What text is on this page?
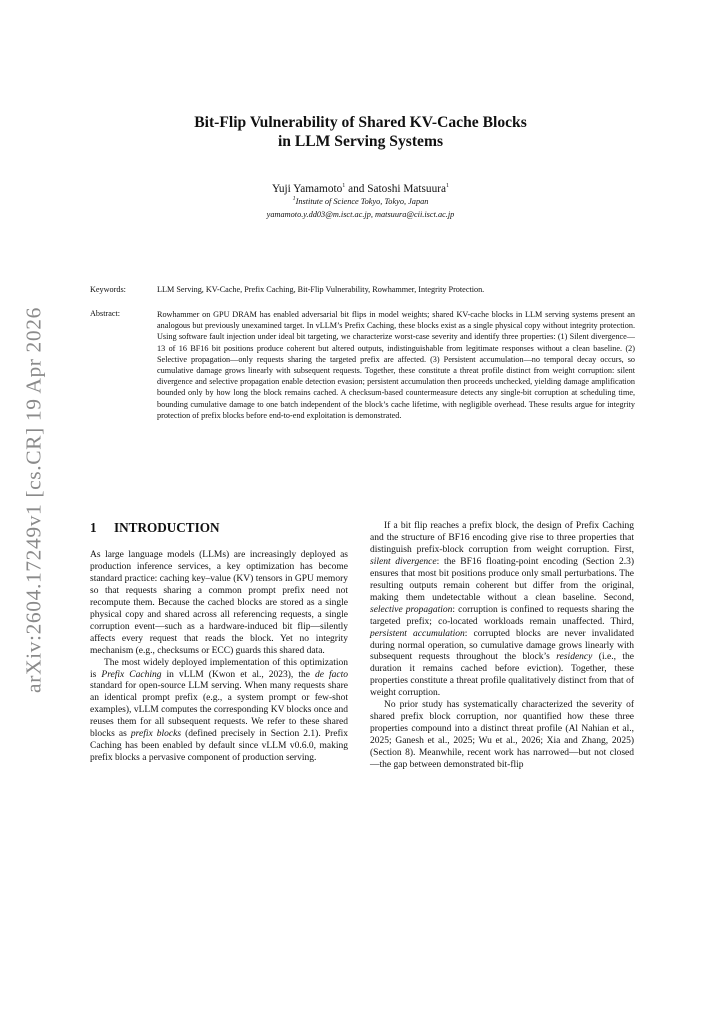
arXiv:2604.17249v1 [cs.CR] 19 Apr 2026
Bit-Flip Vulnerability of Shared KV-Cache Blocks
in LLM Serving Systems
Yuji Yamamoto$^1$ and Satoshi Matsuura$^1$
$^1$Institute of Science Tokyo, Tokyo, Japan
yamamoto.y.dd03@m.isct.ac.jp, matsuura@cii.isct.ac.jp
Keywords:	LLM Serving, KV-Cache, Prefix Caching, Bit-Flip Vulnerability, Rowhammer, Integrity Protection.
Abstract:	Rowhammer on GPU DRAM has enabled adversarial bit flips in model weights; shared KV-cache blocks in LLM serving systems present an analogous but previously unexamined target. In vLLM’s Prefix Caching, these blocks exist as a single physical copy without integrity protection. Using software fault injection under ideal bit targeting, we characterize worst-case severity and identify three properties: (1) Silent divergence—13 of 16 BF16 bit positions produce coherent but altered outputs, indistinguishable from legitimate responses without a clean baseline. (2) Selective propagation—only requests sharing the targeted prefix are affected. (3) Persistent accumulation—no temporal decay occurs, so cumulative damage grows linearly with subsequent requests. Together, these constitute a threat profile distinct from weight corruption: silent divergence and selective propagation enable detection evasion; persistent accumulation then proceeds unchecked, yielding damage amplification bounded only by how long the block remains cached. A checksum-based countermeasure detects any single-bit corruption at scheduling time, bounding cumulative damage to one batch independent of the block’s cache lifetime, with negligible overhead. These results argue for integrity protection of prefix blocks before end-to-end exploitation is demonstrated.
1 INTRODUCTION

As large language models (LLMs) are increasingly deployed as production inference services, a key optimization has become standard practice: caching key–value (KV) tensors in GPU memory so that requests sharing a common prompt prefix need not recompute them. Because the cached blocks are stored as a single physical copy and shared across all referencing requests, a single corruption event—such as a hardware-induced bit flip—silently affects every request that reads the block. Yet no integrity mechanism (e.g., checksums or ECC) guards this shared data.

The most widely deployed implementation of this optimization is Prefix Caching in vLLM (Kwon et al., 2023), the de facto standard for open-source LLM serving. When many requests share an identical prompt prefix (e.g., a system prompt or few-shot examples), vLLM computes the corresponding KV blocks once and reuses them for all subsequent requests. We refer to these shared blocks as prefix blocks (defined precisely in Section 2.1). Prefix Caching has been enabled by default since vLLM v0.6.0, making prefix blocks a pervasive component of production serving.

If a bit flip reaches a prefix block, the design of Prefix Caching and the structure of BF16 encoding give rise to three properties that distinguish prefix-block corruption from weight corruption. First, silent divergence: the BF16 floating-point encoding (Section 2.3) ensures that most bit positions produce only small perturbations. The resulting outputs remain coherent but differ from the original, making them undetectable without a clean baseline. Second, selective propagation: corruption is confined to requests sharing the targeted prefix; co-located workloads remain unaffected. Third, persistent accumulation: corrupted blocks are never invalidated during normal operation, so cumulative damage grows linearly with subsequent requests throughout the block’s residency (i.e., the duration it remains cached before eviction). Together, these properties constitute a threat profile qualitatively distinct from that of weight corruption.

No prior study has systematically characterized the severity of shared prefix block corruption, nor quantified how these three properties compound into a distinct threat profile (Al Nahian et al., 2025; Ganesh et al., 2025; Wu et al., 2026; Xia and Zhang, 2025) (Section 8). Meanwhile, recent work has narrowed—but not closed—the gap between demonstrated bit-flip
